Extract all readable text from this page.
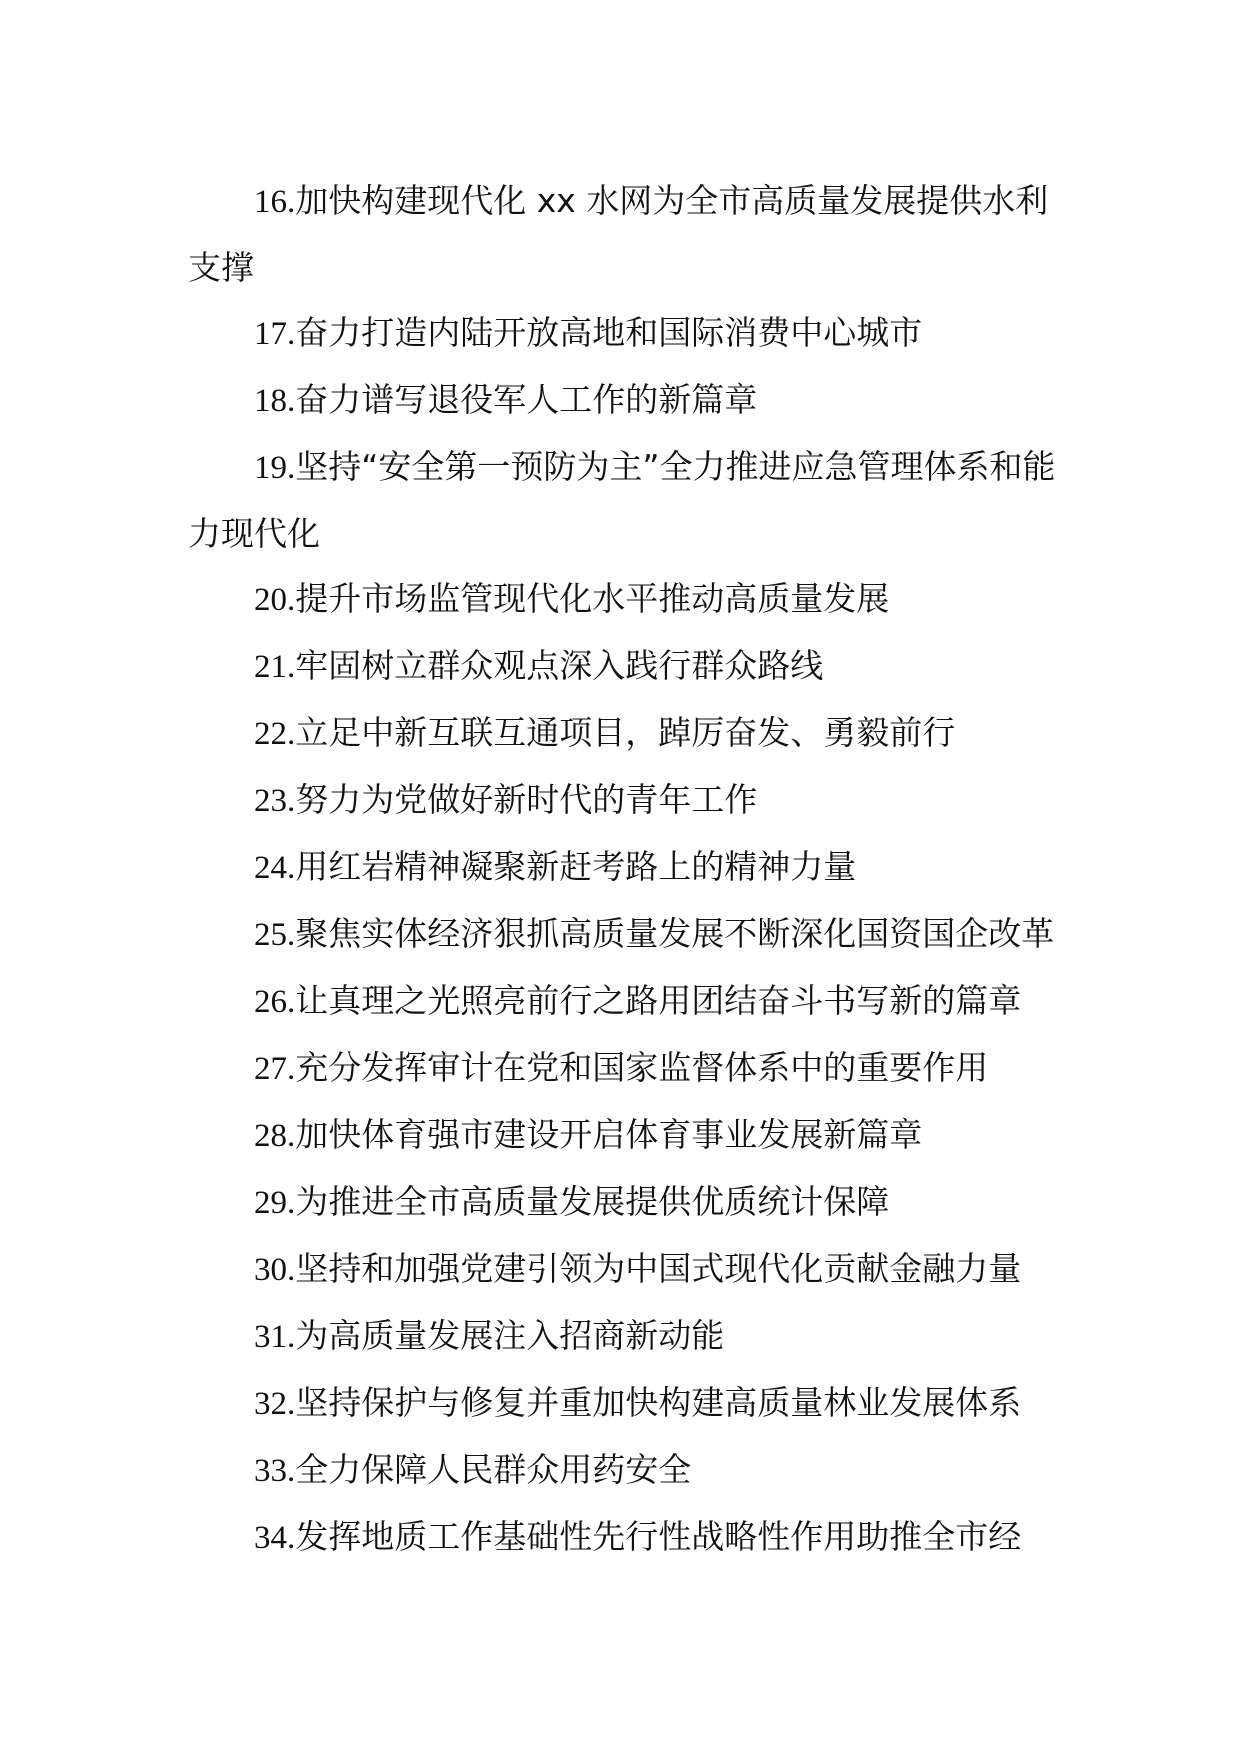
16.加快构建现代化 xx 水网为全市高质量发展提供水利支撑

17.奋力打造内陆开放高地和国际消费中心城市

18.奋力谱写退役军人工作的新篇章

19.坚持“安全第一预防为主”全力推进应急管理体系和能力现代化

20.提升市场监管现代化水平推动高质量发展

21.牢固树立群众观点深入践行群众路线

22.立足中新互联互通项目，踔厉奋发、勇毅前行

23.努力为党做好新时代的青年工作

24.用红岩精神凝聚新赶考路上的精神力量

25.聚焦实体经济狠抓高质量发展不断深化国资国企改革

26.让真理之光照亮前行之路用团结奋斗书写新的篇章

27.充分发挥审计在党和国家监督体系中的重要作用

28.加快体育强市建设开启体育事业发展新篇章

29.为推进全市高质量发展提供优质统计保障

30.坚持和加强党建引领为中国式现代化贡献金融力量

31.为高质量发展注入招商新动能

32.坚持保护与修复并重加快构建高质量林业发展体系

33.全力保障人民群众用药安全

34.发挥地质工作基础性先行性战略性作用助推全市经
